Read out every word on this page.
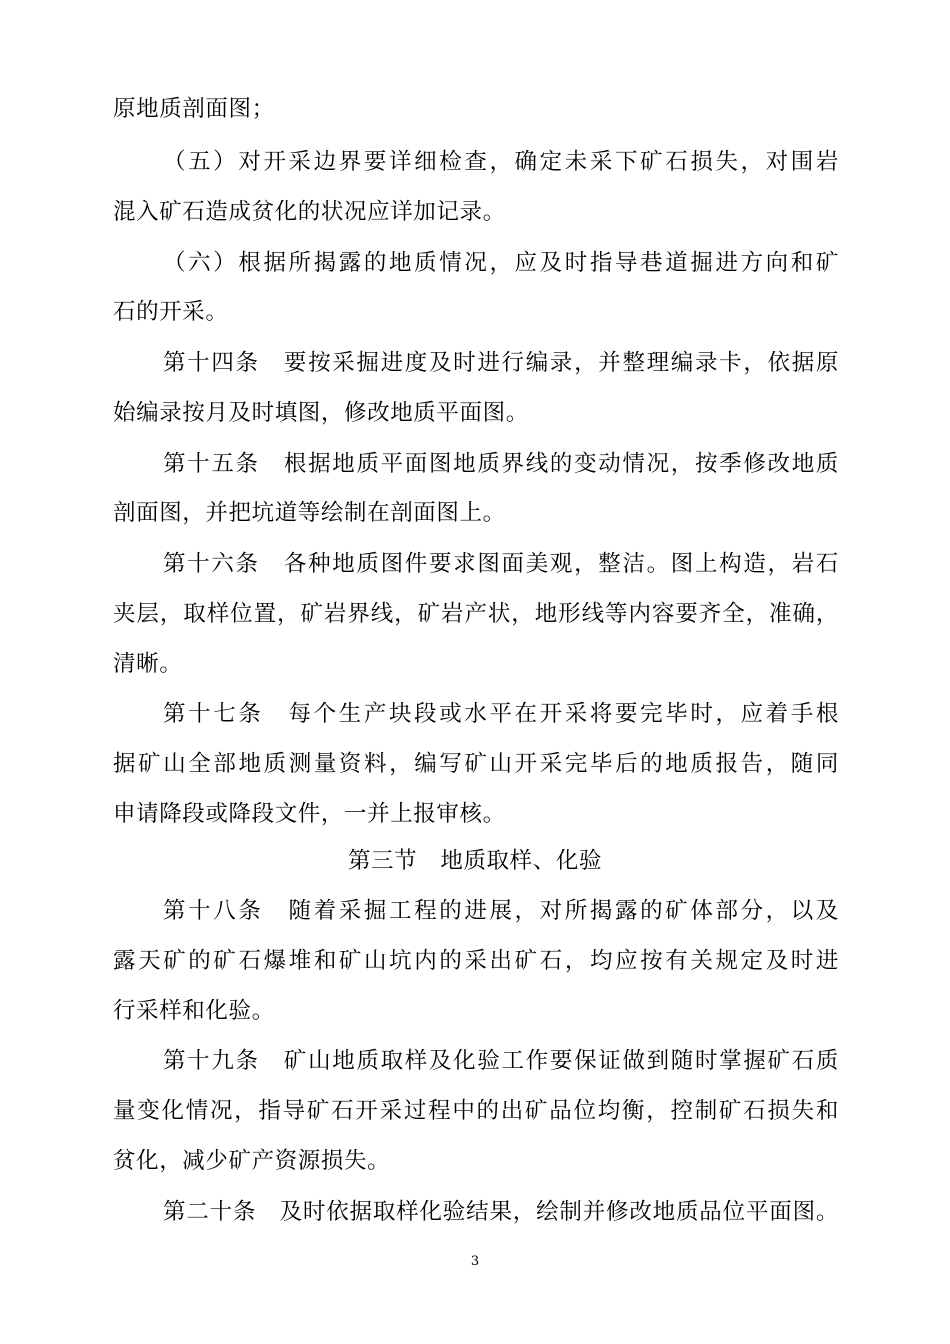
原地质剖面图；
（五）对开采边界要详细检查，确定未采下矿石损失，对围岩
混入矿石造成贫化的状况应详加记录。
（六）根据所揭露的地质情况，应及时指导巷道掘进方向和矿
石的开采。
第十四条　要按采掘进度及时进行编录，并整理编录卡，依据原
始编录按月及时填图，修改地质平面图。
第十五条　根据地质平面图地质界线的变动情况，按季修改地质
剖面图，并把坑道等绘制在剖面图上。
第十六条　各种地质图件要求图面美观，整洁。图上构造，岩石
夹层，取样位置，矿岩界线，矿岩产状，地形线等内容要齐全，准确，
清晰。
第十七条　每个生产块段或水平在开采将要完毕时，应着手根
据矿山全部地质测量资料，编写矿山开采完毕后的地质报告，随同
申请降段或降段文件，一并上报审核。
第三节　地质取样、化验
第十八条　随着采掘工程的进展，对所揭露的矿体部分，以及
露天矿的矿石爆堆和矿山坑内的采出矿石，均应按有关规定及时进
行采样和化验。
第十九条　矿山地质取样及化验工作要保证做到随时掌握矿石质
量变化情况，指导矿石开采过程中的出矿品位均衡，控制矿石损失和
贫化，减少矿产资源损失。
第二十条　及时依据取样化验结果，绘制并修改地质品位平面图。
3
